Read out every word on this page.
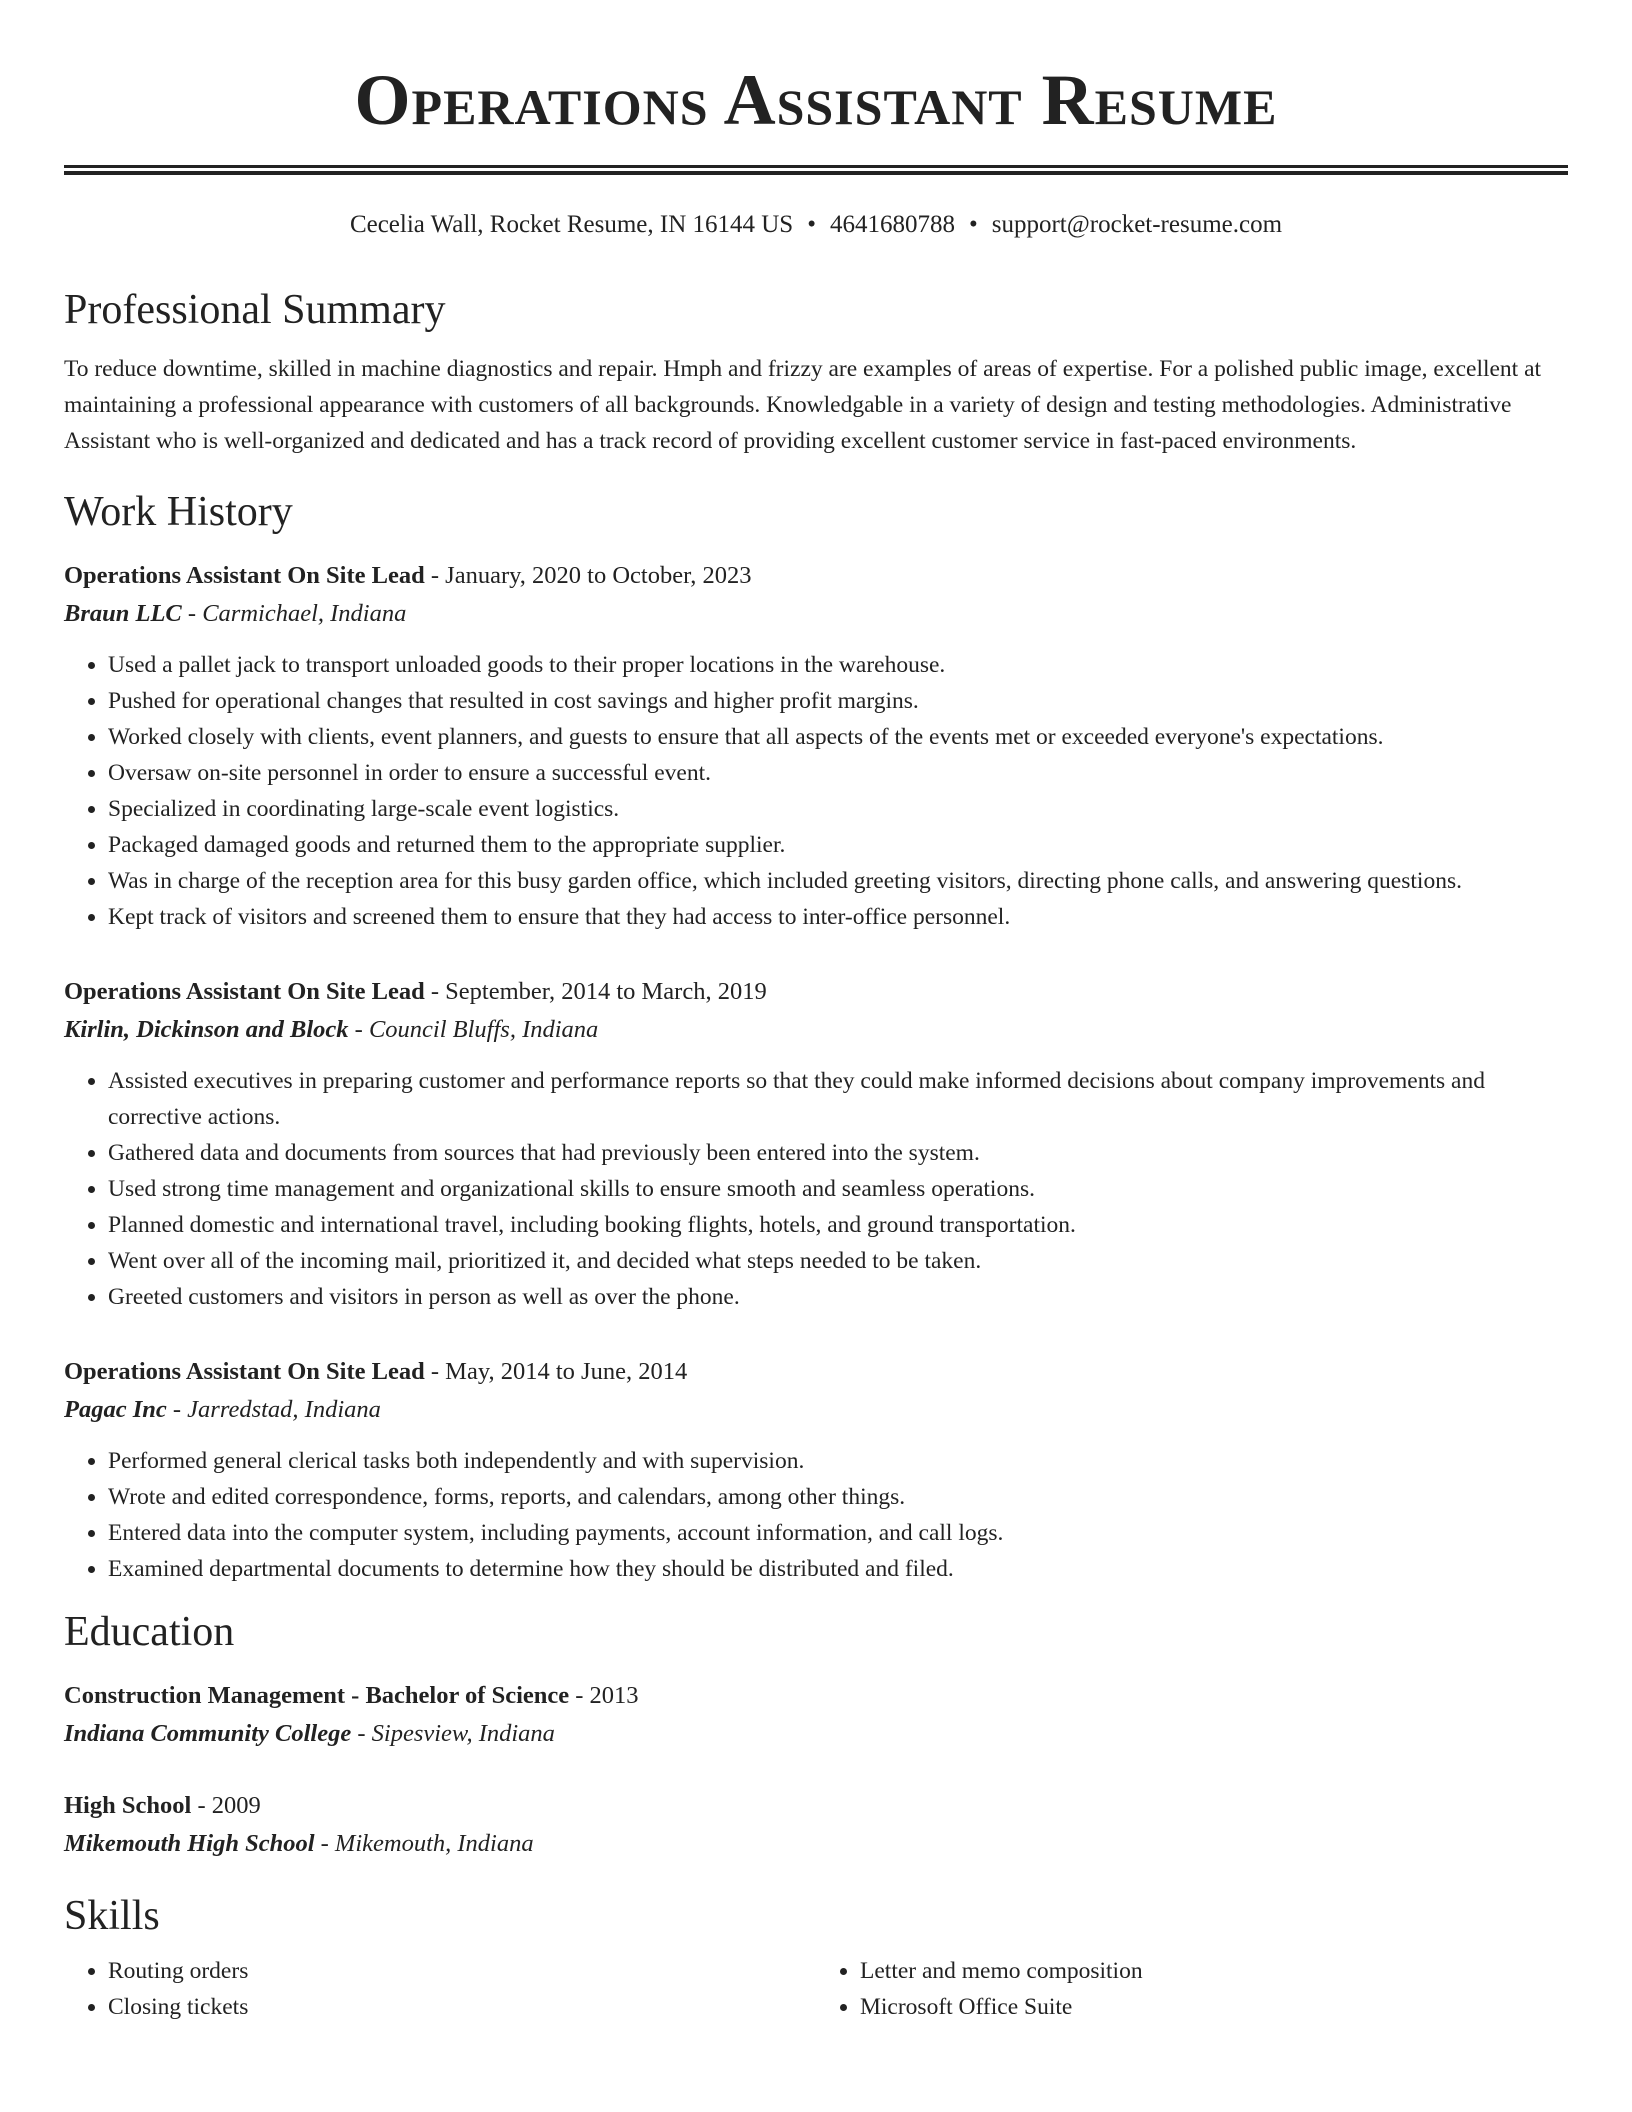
Operations Assistant Resume
Cecelia Wall, Rocket Resume, IN 16144 US • 4641680788 • support@rocket-resume.com
Professional Summary

To reduce downtime, skilled in machine diagnostics and repair. Hmph and frizzy are examples of areas of expertise. For a polished public image, excellent at maintaining a professional appearance with customers of all backgrounds. Knowledgable in a variety of design and testing methodologies. Administrative Assistant who is well-organized and dedicated and has a track record of providing excellent customer service in fast-paced environments.

Work History
Operations Assistant On Site Lead - January, 2020 to October, 2023
Braun LLC - Carmichael, Indiana
• Used a pallet jack to transport unloaded goods to their proper locations in the warehouse.
• Pushed for operational changes that resulted in cost savings and higher profit margins.
• Worked closely with clients, event planners, and guests to ensure that all aspects of the events met or exceeded everyone's expectations.
• Oversaw on-site personnel in order to ensure a successful event.
• Specialized in coordinating large-scale event logistics.
• Packaged damaged goods and returned them to the appropriate supplier.
• Was in charge of the reception area for this busy garden office, which included greeting visitors, directing phone calls, and answering questions.
• Kept track of visitors and screened them to ensure that they had access to inter-office personnel.
Operations Assistant On Site Lead - September, 2014 to March, 2019
Kirlin, Dickinson and Block - Council Bluffs, Indiana
• Assisted executives in preparing customer and performance reports so that they could make informed decisions about company improvements and corrective actions.
• Gathered data and documents from sources that had previously been entered into the system.
• Used strong time management and organizational skills to ensure smooth and seamless operations.
• Planned domestic and international travel, including booking flights, hotels, and ground transportation.
• Went over all of the incoming mail, prioritized it, and decided what steps needed to be taken.
• Greeted customers and visitors in person as well as over the phone.
Operations Assistant On Site Lead - May, 2014 to June, 2014
Pagac Inc - Jarredstad, Indiana
• Performed general clerical tasks both independently and with supervision.
• Wrote and edited correspondence, forms, reports, and calendars, among other things.
• Entered data into the computer system, including payments, account information, and call logs.
• Examined departmental documents to determine how they should be distributed and filed.
Education
Construction Management - Bachelor of Science - 2013
Indiana Community College - Sipesview, Indiana
High School - 2009
Mikemouth High School - Mikemouth, Indiana
Skills
• Routing orders
• Closing tickets
• Letter and memo composition
• Microsoft Office Suite
